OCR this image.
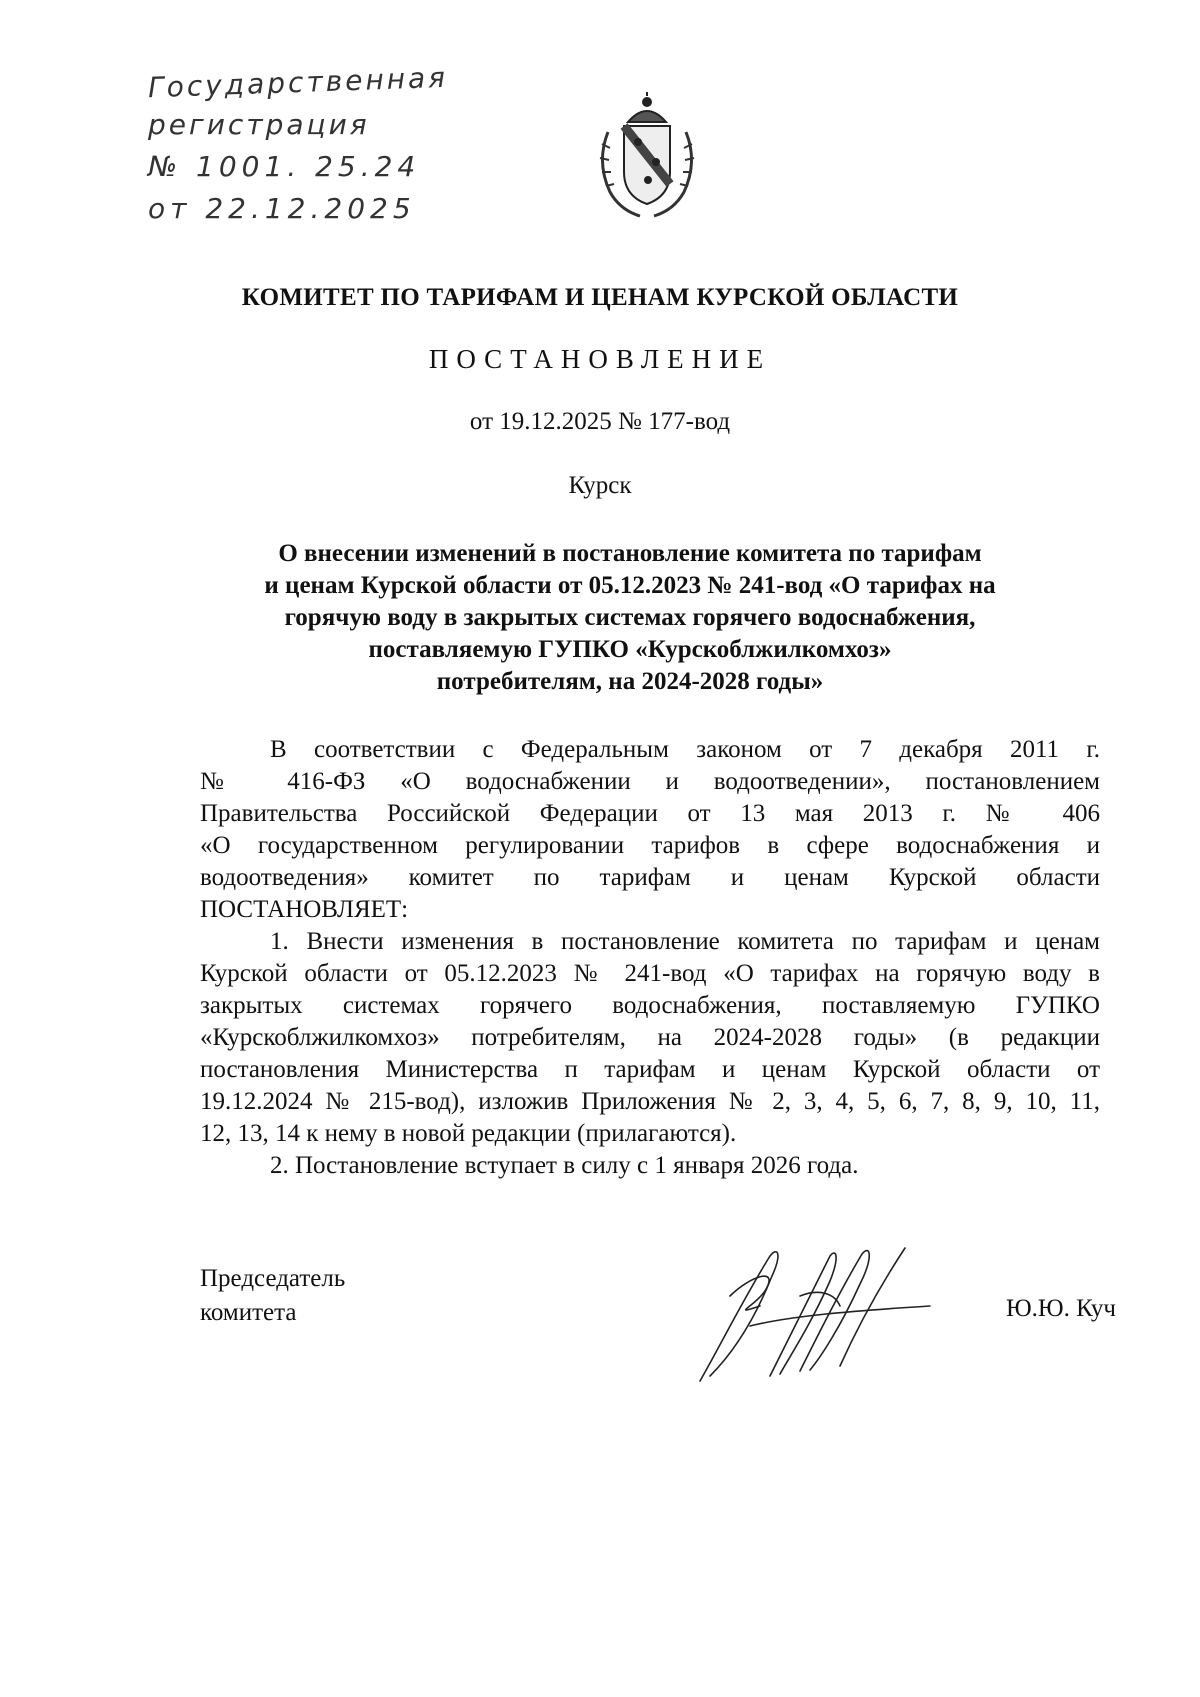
Государственная
регистрация
№ 1001. 25.24
от 22.12.2025
КОМИТЕТ ПО ТАРИФАМ И ЦЕНАМ КУРСКОЙ ОБЛАСТИ
ПОСТАНОВЛЕНИЕ
от 19.12.2025 № 177-вод
Курск
О внесении изменений в постановление комитета по тарифам
и ценам Курской области от 05.12.2023 № 241-вод «О тарифах на
горячую воду в закрытых системах горячего водоснабжения,
поставляемую ГУПКО «Курскоблжилкомхоз»
потребителям, на 2024-2028 годы»
В соответствии с Федеральным законом от 7 декабря 2011 г.
№ 416-ФЗ «О водоснабжении и водоотведении», постановлением
Правительства Российской Федерации от 13 мая 2013 г. № 406
«О государственном регулировании тарифов в сфере водоснабжения и
водоотведения» комитет по тарифам и ценам Курской области
ПОСТАНОВЛЯЕТ:
1. Внести изменения в постановление комитета по тарифам и ценам
Курской области от 05.12.2023 № 241-вод «О тарифах на горячую воду в
закрытых системах горячего водоснабжения, поставляемую ГУПКО
«Курскоблжилкомхоз» потребителям, на 2024-2028 годы» (в редакции
постановления Министерства п тарифам и ценам Курской области от
19.12.2024 № 215-вод), изложив Приложения № 2, 3, 4, 5, 6, 7, 8, 9, 10, 11,
12, 13, 14 к нему в новой редакции (прилагаются).
2. Постановление вступает в силу с 1 января 2026 года.
Председатель
комитета	Ю.Ю. Куч
